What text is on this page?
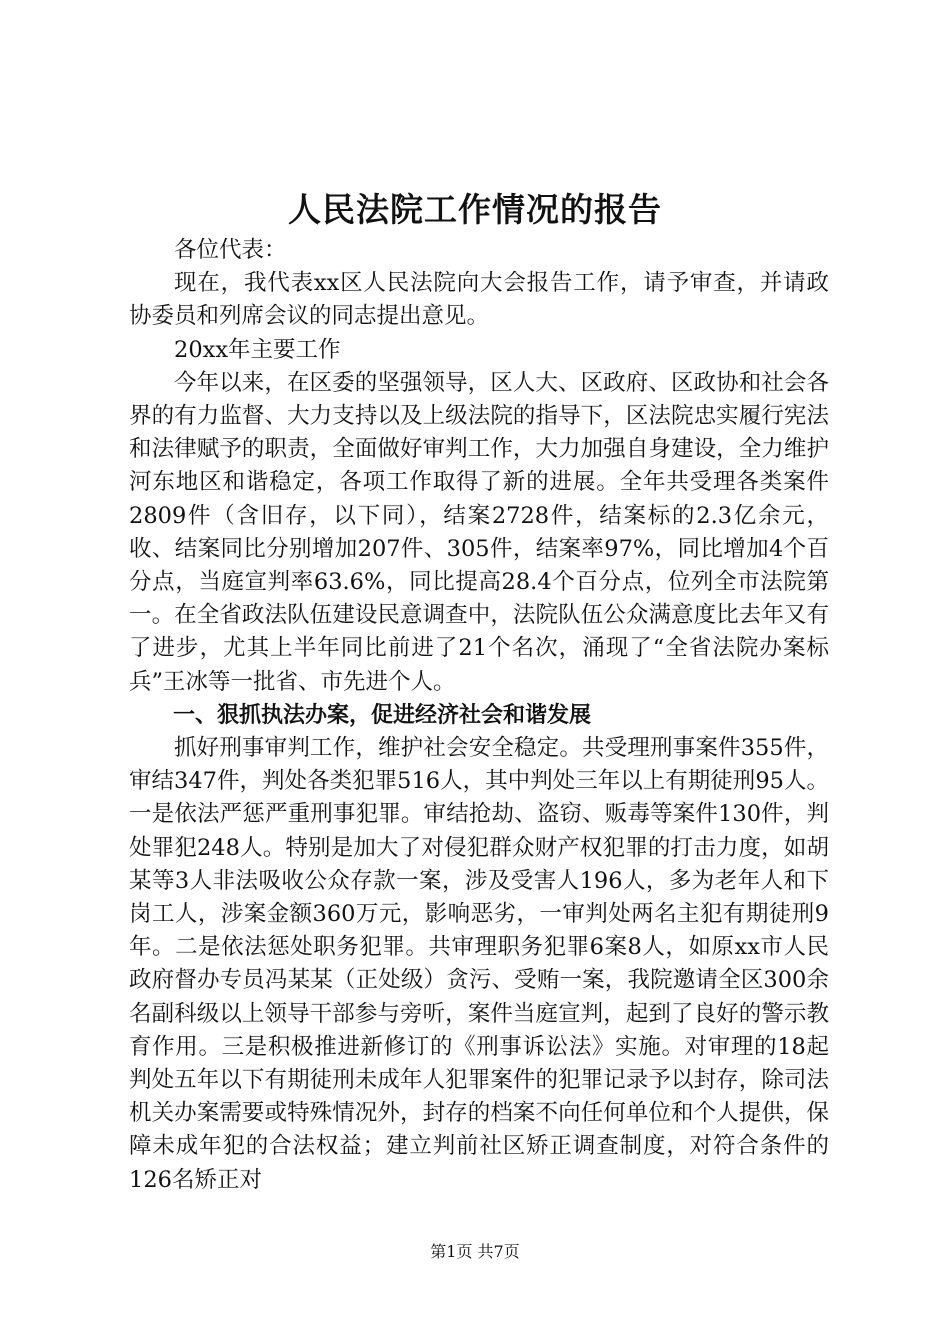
人民法院工作情况的报告

各位代表：

现在，我代表xx区人民法院向大会报告工作，请予审查，并请政协委员和列席会议的同志提出意见。

20xx年主要工作

今年以来，在区委的坚强领导，区人大、区政府、区政协和社会各界的有力监督、大力支持以及上级法院的指导下，区法院忠实履行宪法和法律赋予的职责，全面做好审判工作，大力加强自身建设，全力维护河东地区和谐稳定，各项工作取得了新的进展。全年共受理各类案件2809件（含旧存，以下同），结案2728件，结案标的2.3亿余元，收、结案同比分别增加207件、305件，结案率97%，同比增加4个百分点，当庭宣判率63.6%，同比提高28.4个百分点，位列全市法院第一。在全省政法队伍建设民意调查中，法院队伍公众满意度比去年又有了进步，尤其上半年同比前进了21个名次，涌现了“全省法院办案标兵”王冰等一批省、市先进个人。

一、狠抓执法办案，促进经济社会和谐发展

抓好刑事审判工作，维护社会安全稳定。共受理刑事案件355件，审结347件，判处各类犯罪516人，其中判处三年以上有期徒刑95人。一是依法严惩严重刑事犯罪。审结抢劫、盗窃、贩毒等案件130件，判处罪犯248人。特别是加大了对侵犯群众财产权犯罪的打击力度，如胡某等3人非法吸收公众存款一案，涉及受害人196人，多为老年人和下岗工人，涉案金额360万元，影响恶劣，一审判处两名主犯有期徒刑9年。二是依法惩处职务犯罪。共审理职务犯罪6案8人，如原xx市人民政府督办专员冯某某（正处级）贪污、受贿一案，我院邀请全区300余名副科级以上领导干部参与旁听，案件当庭宣判，起到了良好的警示教育作用。三是积极推进新修订的《刑事诉讼法》实施。对审理的18起判处五年以下有期徒刑未成年人犯罪案件的犯罪记录予以封存，除司法机关办案需要或特殊情况外，封存的档案不向任何单位和个人提供，保障未成年犯的合法权益；建立判前社区矫正调查制度，对符合条件的126名矫正对

第1页 共7页
